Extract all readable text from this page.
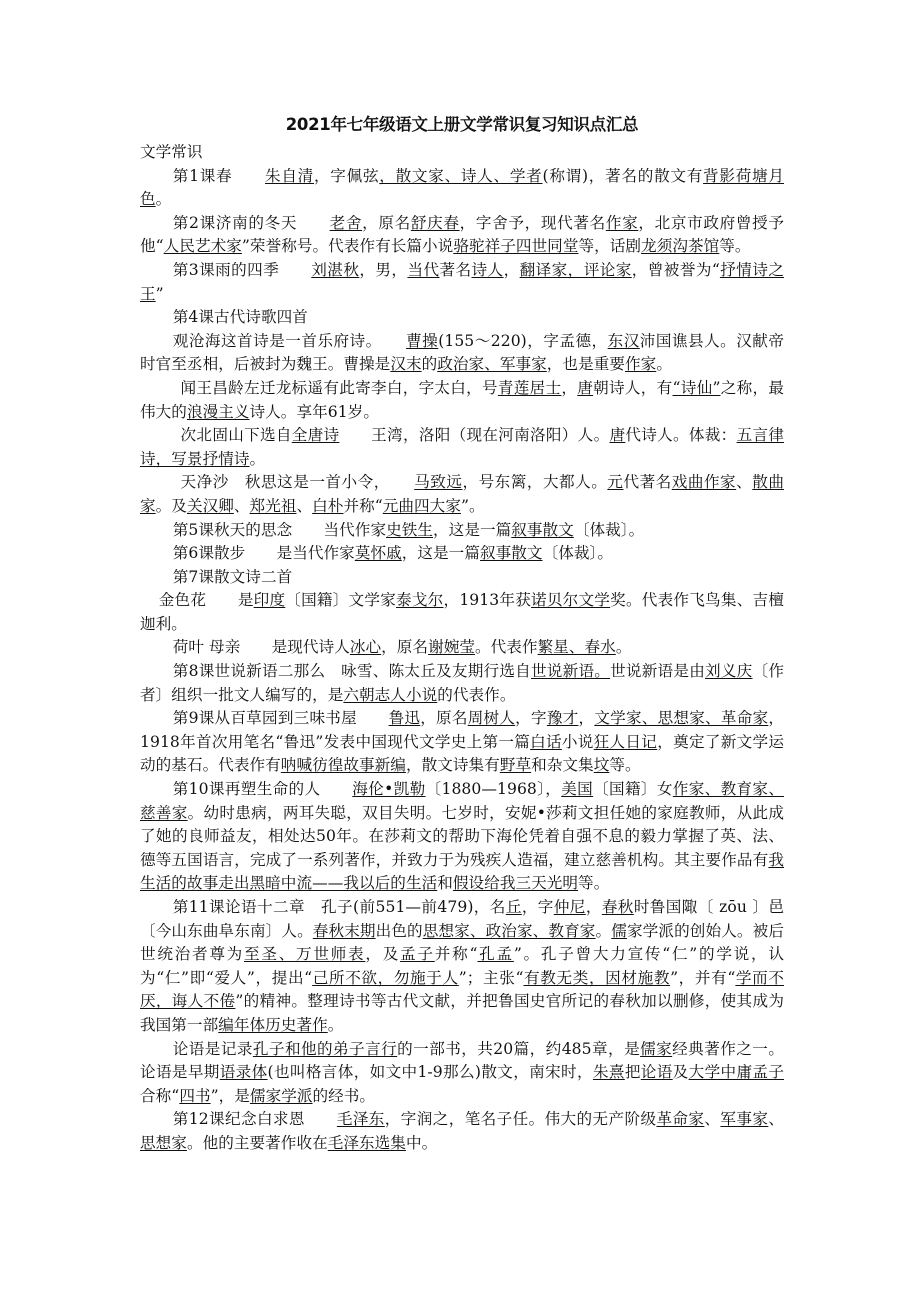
2021年七年级语文上册文学常识复习知识点汇总

文学常识

第1课春　　朱自清，字佩弦，散文家、诗人、学者(称谓)，著名的散文有背影荷塘月色。

第2课济南的冬天　　老舍，原名舒庆春，字舍予，现代著名作家，北京市政府曾授予他“人民艺术家”荣誉称号。代表作有长篇小说骆驼祥子四世同堂等，话剧龙须沟茶馆等。

第3课雨的四季　　刘湛秋，男，当代著名诗人，翻译家，评论家，曾被誉为“抒情诗之王”

第4课古代诗歌四首

观沧海这首诗是一首乐府诗。　　曹操(155～220)，字孟德，东汉沛国谯县人。汉献帝时官至丞相，后被封为魏王。曹操是汉末的政治家、军事家，也是重要作家。

闻王昌龄左迁龙标遥有此寄李白，字太白，号青莲居士，唐朝诗人，有“诗仙”之称，最伟大的浪漫主义诗人。享年61岁。

次北固山下选自全唐诗　　王湾，洛阳（现在河南洛阳）人。唐代诗人。体裁：五言律诗，写景抒情诗。

天净沙　秋思这是一首小令，　　马致远，号东篱，大都人。元代著名戏曲作家、散曲家。及关汉卿、郑光祖、白朴并称“元曲四大家”。

第5课秋天的思念　　当代作家史铁生，这是一篇叙事散文〔体裁〕。

第6课散步　　是当代作家莫怀戚，这是一篇叙事散文〔体裁〕。

第7课散文诗二首

金色花　　是印度〔国籍〕文学家泰戈尔，1913年获诺贝尔文学奖。代表作飞鸟集、吉檀迦利。

荷叶 母亲　　是现代诗人冰心，原名谢婉莹。代表作繁星、春水。

第8课世说新语二那么　咏雪、陈太丘及友期行选自世说新语。世说新语是由刘义庆〔作者〕组织一批文人编写的，是六朝志人小说的代表作。

第9课从百草园到三味书屋　　鲁迅，原名周树人，字豫才，文学家、思想家、革命家，1918年首次用笔名“鲁迅”发表中国现代文学史上第一篇白话小说狂人日记，奠定了新文学运动的基石。代表作有呐喊彷徨故事新编，散文诗集有野草和杂文集坟等。

第10课再塑生命的人　　海伦•凯勒〔1880—1968〕，美国〔国籍〕女作家、教育家、慈善家。幼时患病，两耳失聪，双目失明。七岁时，安妮•莎莉文担任她的家庭教师，从此成了她的良师益友，相处达50年。在莎莉文的帮助下海伦凭着自强不息的毅力掌握了英、法、德等五国语言，完成了一系列著作，并致力于为残疾人造福，建立慈善机构。其主要作品有我生活的故事走出黑暗中流——我以后的生活和假设给我三天光明等。

第11课论语十二章　孔子(前551—前479)，名丘，字仲尼，春秋时鲁国陬〔 zōu 〕邑〔今山东曲阜东南〕人。春秋末期出色的思想家、政治家、教育家。儒家学派的创始人。被后世统治者尊为至圣、万世师表，及孟子并称“孔孟”。孔子曾大力宣传“仁”的学说，认为“仁”即“爱人”，提出“己所不欲，勿施于人”；主张“有教无类，因材施教”，并有“学而不厌，诲人不倦”的精神。整理诗书等古代文献，并把鲁国史官所记的春秋加以删修，使其成为我国第一部编年体历史著作。

论语是记录孔子和他的弟子言行的一部书，共20篇，约485章，是儒家经典著作之一。论语是早期语录体(也叫格言体，如文中1-9那么)散文，南宋时，朱熹把论语及大学中庸孟子合称“四书”，是儒家学派的经书。

第12课纪念白求恩　　毛泽东，字润之，笔名子任。伟大的无产阶级革命家、军事家、思想家。他的主要著作收在毛泽东选集中。
